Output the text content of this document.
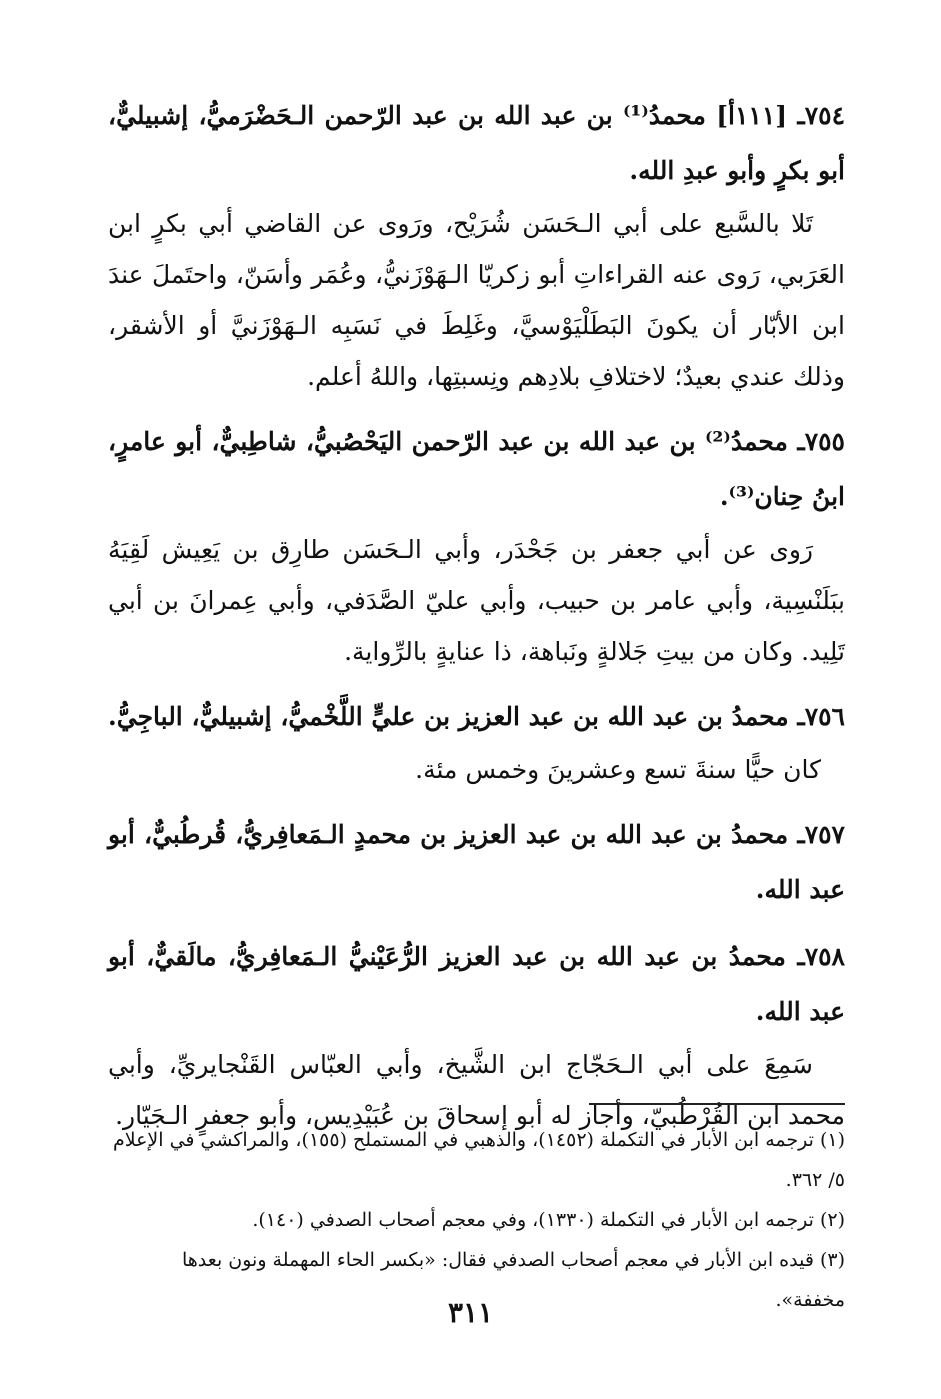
٧٥٤ـ [١١١أ] محمدُ⁽¹⁾ بن عبد الله بن عبد الرّحمن الـحَضْرَميُّ، إشبيليٌّ، أبو بكرٍ وأبو عبدِ الله.

تَلا بالسَّبع على أبي الـحَسَن شُرَيْح، ورَوى عن القاضي أبي بكرٍ ابن العَرَبي، رَوى عنه القراءاتِ أبو زكريّا الـهَوْزَنيُّ، وعُمَر وأسَنّ، واحتَملَ عندَ ابن الأبّار أن يكونَ البَطَلْيَوْسيَّ، وغَلِطَ في نَسَبِه الـهَوْزَنيَّ أو الأشقر، وذلك عندي بعيدٌ؛ لاختلافِ بلادِهم ونِسبتِها، واللهُ أعلم.

٧٥٥ـ محمدُ⁽²⁾ بن عبد الله بن عبد الرّحمن اليَحْصُبيُّ، شاطِبيٌّ، أبو عامرٍ، ابنُ حِنان⁽³⁾.

رَوى عن أبي جعفر بن جَحْدَر، وأبي الـحَسَن طارِق بن يَعِيش لَقِيَهُ ببَلَنْسِية، وأبي عامر بن حبيب، وأبي عليّ الصَّدَفي، وأبي عِمرانَ بن أبي تَلِيد. وكان من بيتِ جَلالةٍ ونَباهة، ذا عنايةٍ بالرِّواية.

٧٥٦ـ محمدُ بن عبد الله بن عبد العزيز بن عليٍّ اللَّخْميُّ، إشبيليٌّ، الباجِيُّ.

كان حيًّا سنةَ تسع وعشرينَ وخمس مئة.

٧٥٧ـ محمدُ بن عبد الله بن عبد العزيز بن محمدٍ الـمَعافِريُّ، قُرطُبيٌّ، أبو عبد الله.

٧٥٨ـ محمدُ بن عبد الله بن عبد العزيز الرُّعَيْنيُّ الـمَعافِريُّ، مالَقيٌّ، أبو عبد الله.

سَمِعَ على أبي الـحَجّاج ابن الشَّيخ، وأبي العبّاس القَنْجايريِّ، وأبي محمد ابن القُرْطُبيّ، وأجاز له أبو إسحاقَ بن عُبَيْدِيس، وأبو جعفرٍ الـجَيّار.

(١) ترجمه ابن الأبار في التكملة (١٤٥٢)، والذهبي في المستملح (١٥٥)، والمراكشي في الإعلام ٥/ ٣٦٢.

(٢) ترجمه ابن الأبار في التكملة (١٣٣٠)، وفي معجم أصحاب الصدفي (١٤٠).

(٣) قيده ابن الأبار في معجم أصحاب الصدفي فقال: «بكسر الحاء المهملة ونون بعدها مخففة».

٣١١
